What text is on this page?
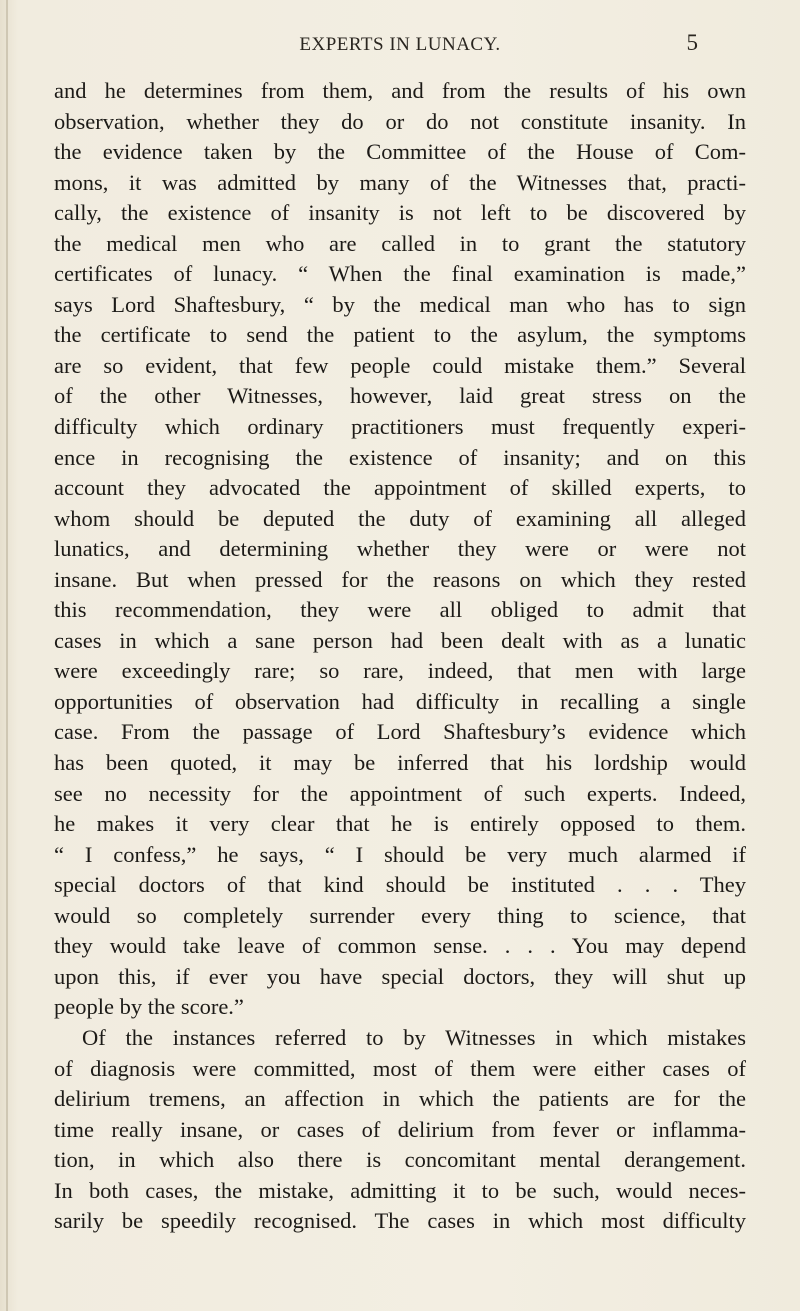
EXPERTS IN LUNACY.	5
and he determines from them, and from the results of his own
observation, whether they do or do not constitute insanity. In
the evidence taken by the Committee of the House of Com-
mons, it was admitted by many of the Witnesses that, practi-
cally, the existence of insanity is not left to be discovered by
the medical men who are called in to grant the statutory
certificates of lunacy. “ When the final examination is made,”
says Lord Shaftesbury, “ by the medical man who has to sign
the certificate to send the patient to the asylum, the symptoms
are so evident, that few people could mistake them.” Several
of the other Witnesses, however, laid great stress on the
difficulty which ordinary practitioners must frequently experi-
ence in recognising the existence of insanity; and on this
account they advocated the appointment of skilled experts, to
whom should be deputed the duty of examining all alleged
lunatics, and determining whether they were or were not
insane. But when pressed for the reasons on which they rested
this recommendation, they were all obliged to admit that
cases in which a sane person had been dealt with as a lunatic
were exceedingly rare; so rare, indeed, that men with large
opportunities of observation had difficulty in recalling a single
case. From the passage of Lord Shaftesbury’s evidence which
has been quoted, it may be inferred that his lordship would
see no necessity for the appointment of such experts. Indeed,
he makes it very clear that he is entirely opposed to them.
“ I confess,” he says, “ I should be very much alarmed if
special doctors of that kind should be instituted . . . They
would so completely surrender every thing to science, that
they would take leave of common sense. . . . You may depend
upon this, if ever you have special doctors, they will shut up
people by the score.”
Of the instances referred to by Witnesses in which mistakes
of diagnosis were committed, most of them were either cases of
delirium tremens, an affection in which the patients are for the
time really insane, or cases of delirium from fever or inflamma-
tion, in which also there is concomitant mental derangement.
In both cases, the mistake, admitting it to be such, would neces-
sarily be speedily recognised. The cases in which most difficulty
